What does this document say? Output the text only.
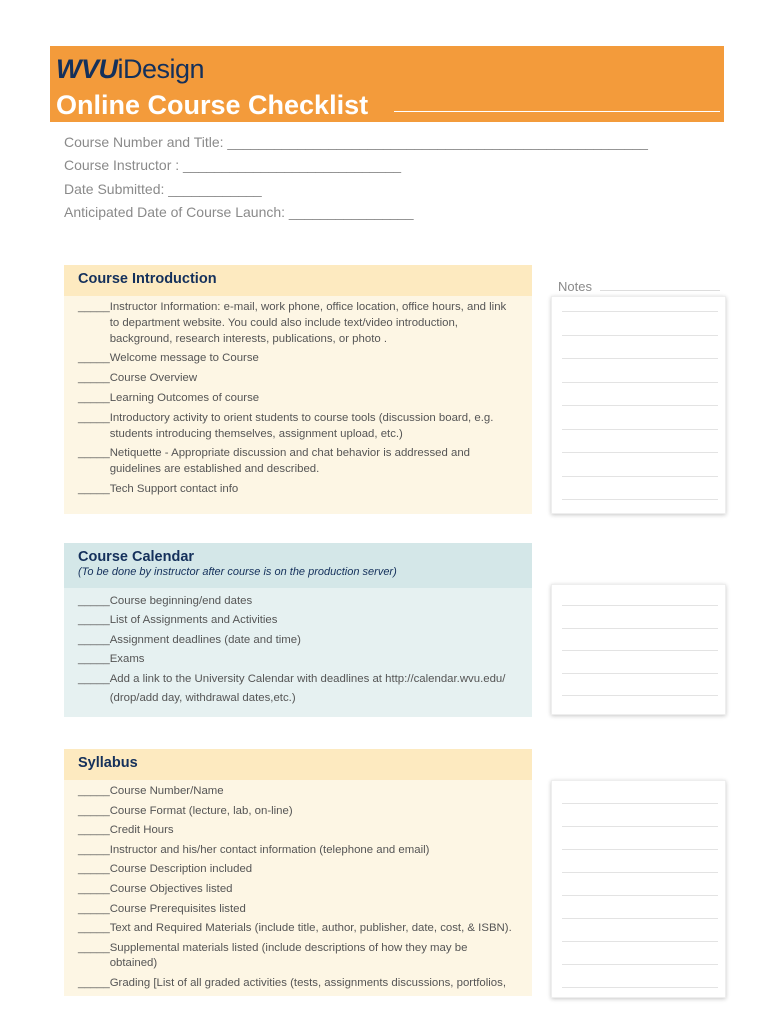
WVUiDesign
Online Course Checklist
Course Number and Title: ______________________________________________________
Course Instructor : ____________________________
Date Submitted: ____________
Anticipated Date of Course Launch: ________________
Course Introduction
_____ Instructor Information: e-mail, work phone, office location, office hours, and link to department website. You could also include text/video introduction, background, research interests, publications, or photo .
_____ Welcome message to Course
_____ Course Overview
_____ Learning Outcomes of course
_____ Introductory activity to orient students to course tools (discussion board, e.g. students introducing themselves, assignment upload, etc.)
_____ Netiquette - Appropriate discussion and chat behavior is addressed and guidelines are established and described.
_____ Tech Support contact info
Course Calendar
(To be done by instructor after course is on the production server)
_____ Course beginning/end dates
_____ List of Assignments and Activities
_____ Assignment deadlines (date and time)
_____ Exams
_____ Add a link to the University Calendar with deadlines at http://calendar.wvu.edu/ (drop/add day, withdrawal dates,etc.)
Syllabus
_____ Course Number/Name
_____ Course Format (lecture, lab, on-line)
_____ Credit Hours
_____ Instructor and his/her contact information (telephone and email)
_____ Course Description included
_____ Course Objectives listed
_____ Course Prerequisites listed
_____ Text and Required Materials (include title, author, publisher, date, cost, & ISBN).
_____ Supplemental materials listed (include descriptions of how they may be obtained)
_____ Grading [List of all graded activities (tests, assignments discussions, portfolios,
Notes
